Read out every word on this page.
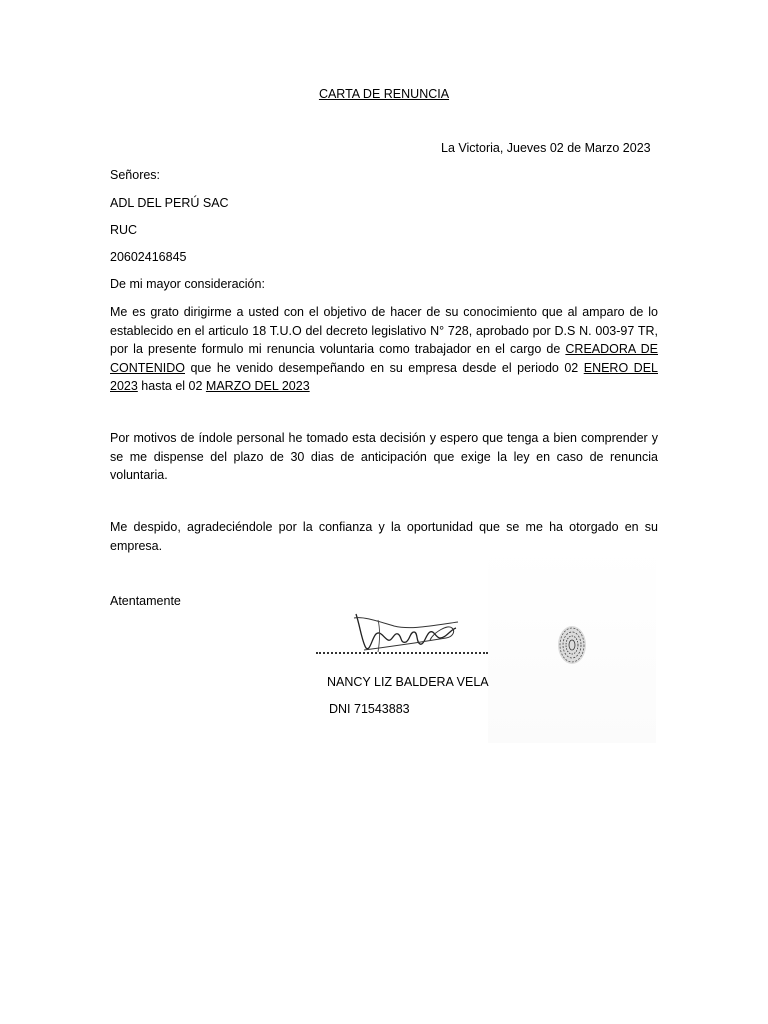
CARTA DE RENUNCIA

La Victoria, Jueves 02 de Marzo 2023

Señores:

ADL DEL PERÚ SAC

RUC

20602416845

De mi mayor consideración:

Me es grato dirigirme a usted con el objetivo de hacer de su conocimiento que al amparo de lo establecido en el articulo 18 T.U.O del decreto legislativo N° 728, aprobado por D.S N. 003-97 TR, por la presente formulo mi renuncia voluntaria como trabajador en el cargo de CREADORA DE CONTENIDO que he venido desempeñando en su empresa desde el periodo 02 ENERO DEL 2023 hasta el 02 MARZO DEL 2023

Por motivos de índole personal he tomado esta decisión y espero que tenga a bien comprender y se me dispense del plazo de 30 dias de anticipación que exige la ley en caso de renuncia voluntaria.

Me despido, agradeciéndole por la confianza y la oportunidad que se me ha otorgado en su empresa.

Atentamente

NANCY LIZ BALDERA VELA

DNI 71543883
